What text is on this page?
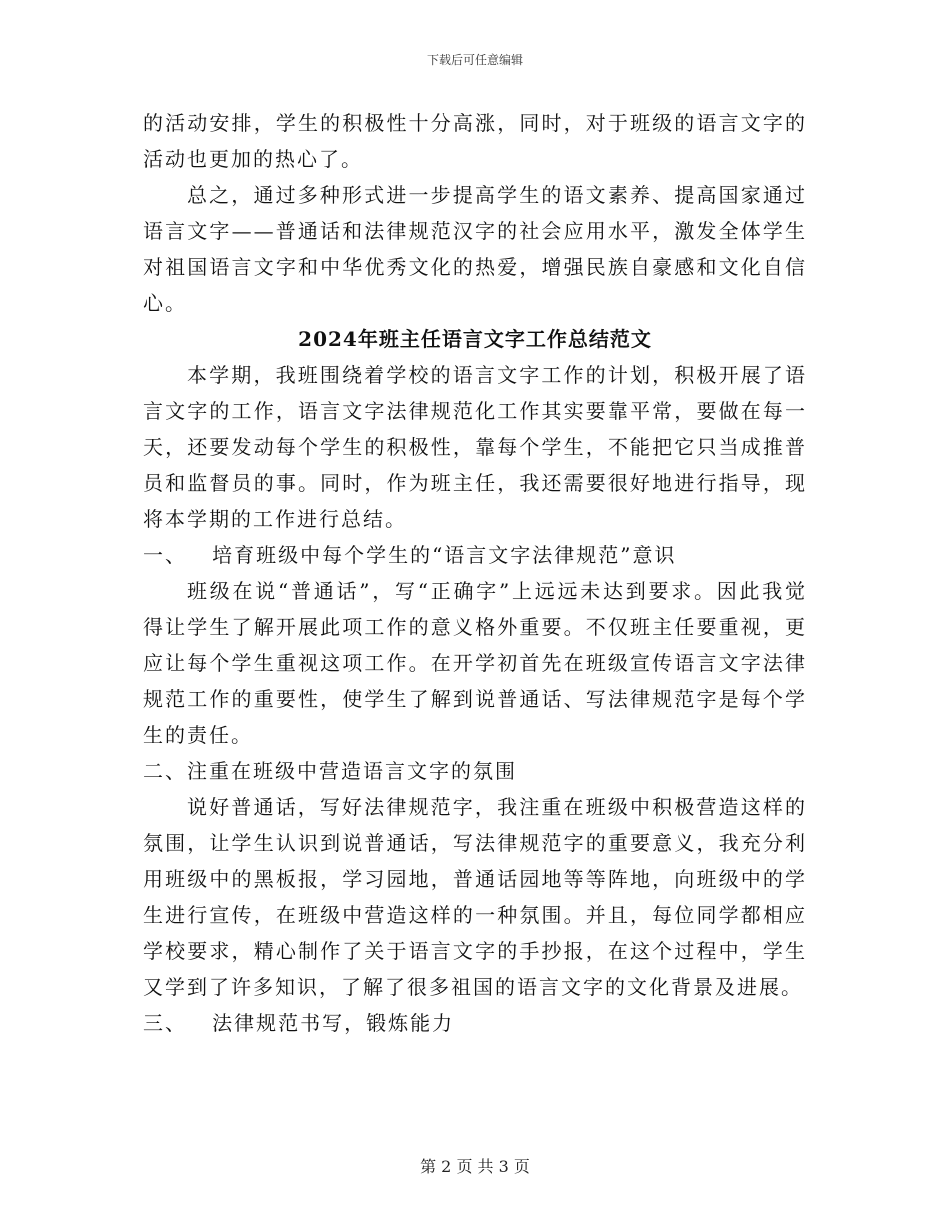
下载后可任意编辑

的活动安排，学生的积极性十分高涨，同时，对于班级的语言文字的活动也更加的热心了。

总之，通过多种形式进一步提高学生的语文素养、提高国家通过语言文字——普通话和法律规范汉字的社会应用水平，激发全体学生对祖国语言文字和中华优秀文化的热爱，增强民族自豪感和文化自信心。

2024年班主任语言文字工作总结范文

本学期，我班围绕着学校的语言文字工作的计划，积极开展了语言文字的工作，语言文字法律规范化工作其实要靠平常，要做在每一天，还要发动每个学生的积极性，靠每个学生，不能把它只当成推普员和监督员的事。同时，作为班主任，我还需要很好地进行指导，现将本学期的工作进行总结。

一、   培育班级中每个学生的“语言文字法律规范”意识

班级在说“普通话”，写“正确字”上远远未达到要求。因此我觉得让学生了解开展此项工作的意义格外重要。不仅班主任要重视，更应让每个学生重视这项工作。在开学初首先在班级宣传语言文字法律规范工作的重要性，使学生了解到说普通话、写法律规范字是每个学生的责任。

二、注重在班级中营造语言文字的氛围

说好普通话，写好法律规范字，我注重在班级中积极营造这样的氛围，让学生认识到说普通话，写法律规范字的重要意义，我充分利用班级中的黑板报，学习园地，普通话园地等等阵地，向班级中的学生进行宣传，在班级中营造这样的一种氛围。并且，每位同学都相应学校要求，精心制作了关于语言文字的手抄报，在这个过程中，学生又学到了许多知识，了解了很多祖国的语言文字的文化背景及进展。

三、   法律规范书写，锻炼能力

第 2 页 共 3 页
